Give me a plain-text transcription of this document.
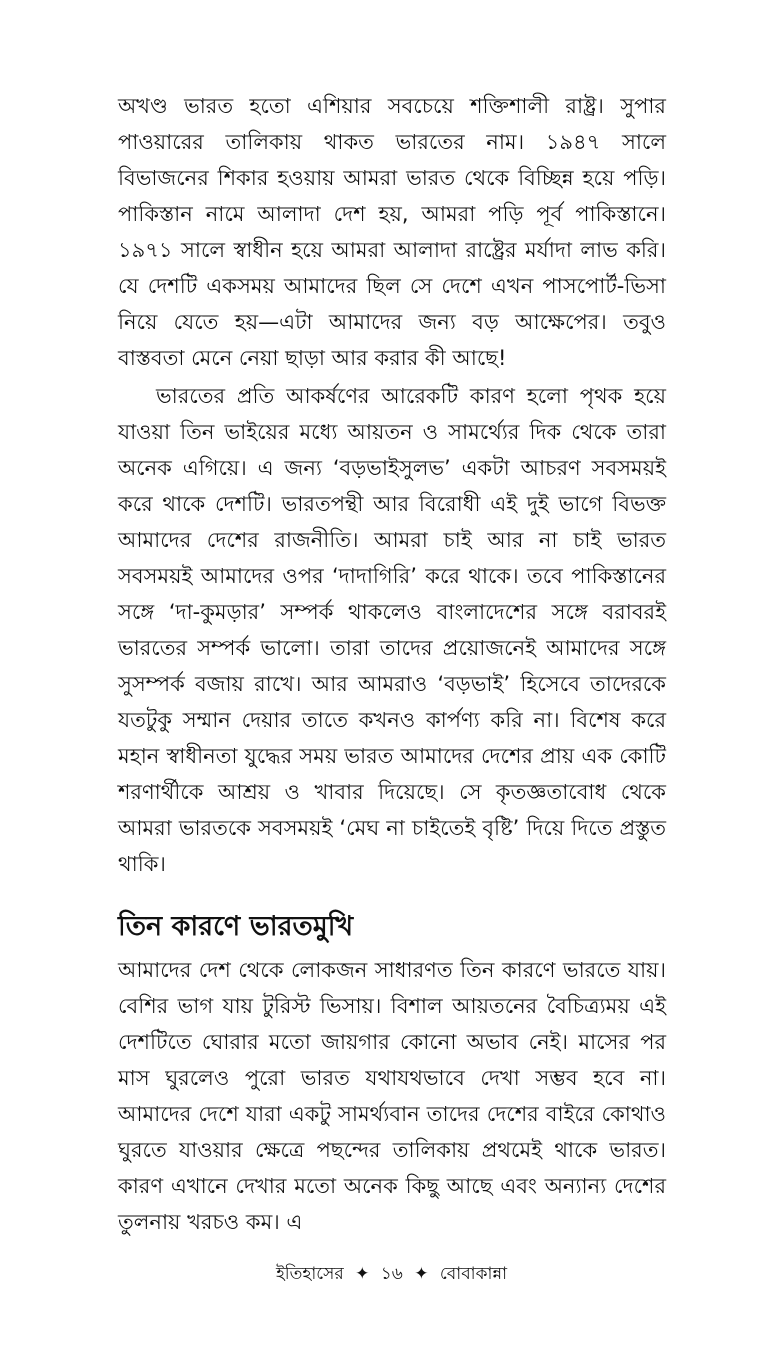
অখণ্ড ভারত হতো এশিয়ার সবচেয়ে শক্তিশালী রাষ্ট্র। সুপার পাওয়ারের তালিকায় থাকত ভারতের নাম। ১৯৪৭ সালে বিভাজনের শিকার হওয়ায় আমরা ভারত থেকে বিচ্ছিন্ন হয়ে পড়ি। পাকিস্তান নামে আলাদা দেশ হয়, আমরা পড়ি পূর্ব পাকিস্তানে। ১৯৭১ সালে স্বাধীন হয়ে আমরা আলাদা রাষ্ট্রের মর্যাদা লাভ করি। যে দেশটি একসময় আমাদের ছিল সে দেশে এখন পাসপোর্ট-ভিসা নিয়ে যেতে হয়—এটা আমাদের জন্য বড় আক্ষেপের। তবুও বাস্তবতা মেনে নেয়া ছাড়া আর করার কী আছে!

ভারতের প্রতি আকর্ষণের আরেকটি কারণ হলো পৃথক হয়ে যাওয়া তিন ভাইয়ের মধ্যে আয়তন ও সামর্থ্যের দিক থেকে তারা অনেক এগিয়ে। এ জন্য ‘বড়ভাইসুলভ’ একটা আচরণ সবসময়ই করে থাকে দেশটি। ভারতপন্থী আর বিরোধী এই দুই ভাগে বিভক্ত আমাদের দেশের রাজনীতি। আমরা চাই আর না চাই ভারত সবসময়ই আমাদের ওপর ‘দাদাগিরি’ করে থাকে। তবে পাকিস্তানের সঙ্গে ‘দা-কুমড়ার’ সম্পর্ক থাকলেও বাংলাদেশের সঙ্গে বরাবরই ভারতের সম্পর্ক ভালো। তারা তাদের প্রয়োজনেই আমাদের সঙ্গে সুসম্পর্ক বজায় রাখে। আর আমরাও ‘বড়ভাই’ হিসেবে তাদেরকে যতটুকু সম্মান দেয়ার তাতে কখনও কার্পণ্য করি না। বিশেষ করে মহান স্বাধীনতা যুদ্ধের সময় ভারত আমাদের দেশের প্রায় এক কোটি শরণার্থীকে আশ্রয় ও খাবার দিয়েছে। সে কৃতজ্ঞতাবোধ থেকে আমরা ভারতকে সবসময়ই ‘মেঘ না চাইতেই বৃষ্টি’ দিয়ে দিতে প্রস্তুত থাকি।

তিন কারণে ভারতমুখি

আমাদের দেশ থেকে লোকজন সাধারণত তিন কারণে ভারতে যায়। বেশির ভাগ যায় টুরিস্ট ভিসায়। বিশাল আয়তনের বৈচিত্র্যময় এই দেশটিতে ঘোরার মতো জায়গার কোনো অভাব নেই। মাসের পর মাস ঘুরলেও পুরো ভারত যথাযথভাবে দেখা সম্ভব হবে না। আমাদের দেশে যারা একটু সামর্থ্যবান তাদের দেশের বাইরে কোথাও ঘুরতে যাওয়ার ক্ষেত্রে পছন্দের তালিকায় প্রথমেই থাকে ভারত। কারণ এখানে দেখার মতো অনেক কিছু আছে এবং অন্যান্য দেশের তুলনায় খরচও কম। এ

ইতিহাসের ✦ ১৬ ✦ বোবাকান্না
